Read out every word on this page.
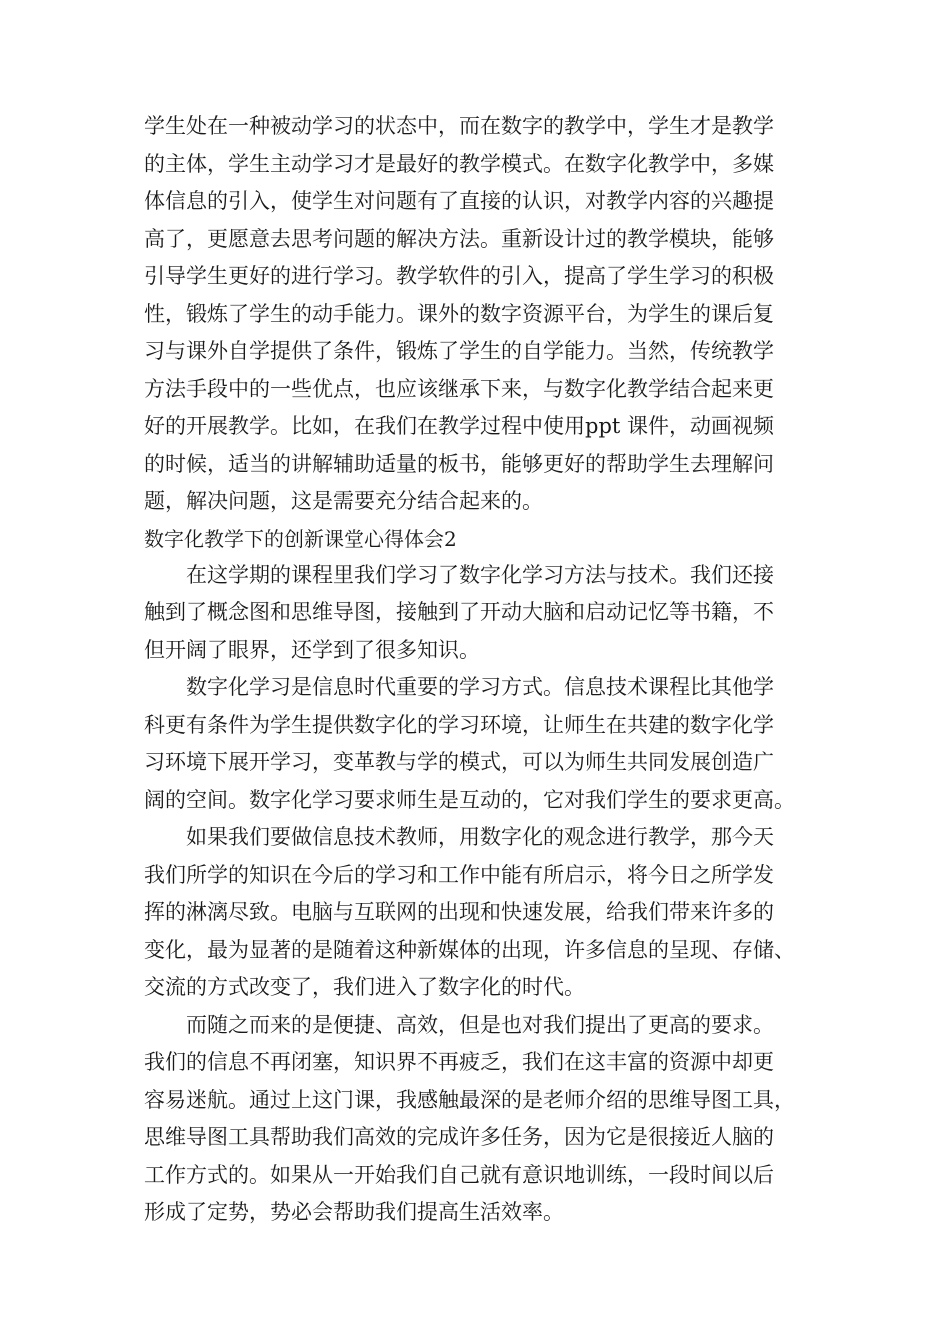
学生处在一种被动学习的状态中，而在数字的教学中，学生才是教学
的主体，学生主动学习才是最好的教学模式。在数字化教学中，多媒
体信息的引入，使学生对问题有了直接的认识，对教学内容的兴趣提
高了，更愿意去思考问题的解决方法。重新设计过的教学模块，能够
引导学生更好的进行学习。教学软件的引入，提高了学生学习的积极
性，锻炼了学生的动手能力。课外的数字资源平台，为学生的课后复
习与课外自学提供了条件，锻炼了学生的自学能力。当然，传统教学
方法手段中的一些优点，也应该继承下来，与数字化教学结合起来更
好的开展教学。比如，在我们在教学过程中使用ppt 课件，动画视频
的时候，适当的讲解辅助适量的板书，能够更好的帮助学生去理解问
题，解决问题，这是需要充分结合起来的。
数字化教学下的创新课堂心得体会2
在这学期的课程里我们学习了数字化学习方法与技术。我们还接
触到了概念图和思维导图，接触到了开动大脑和启动记忆等书籍，不
但开阔了眼界，还学到了很多知识。
数字化学习是信息时代重要的学习方式。信息技术课程比其他学
科更有条件为学生提供数字化的学习环境，让师生在共建的数字化学
习环境下展开学习，变革教与学的模式，可以为师生共同发展创造广
阔的空间。数字化学习要求师生是互动的，它对我们学生的要求更高。
如果我们要做信息技术教师，用数字化的观念进行教学，那今天
我们所学的知识在今后的学习和工作中能有所启示，将今日之所学发
挥的淋漓尽致。电脑与互联网的出现和快速发展，给我们带来许多的
变化，最为显著的是随着这种新媒体的出现，许多信息的呈现、存储、
交流的方式改变了，我们进入了数字化的时代。
而随之而来的是便捷、高效，但是也对我们提出了更高的要求。
我们的信息不再闭塞，知识界不再疲乏，我们在这丰富的资源中却更
容易迷航。通过上这门课，我感触最深的是老师介绍的思维导图工具，
思维导图工具帮助我们高效的完成许多任务，因为它是很接近人脑的
工作方式的。如果从一开始我们自己就有意识地训练，一段时间以后
形成了定势，势必会帮助我们提高生活效率。
